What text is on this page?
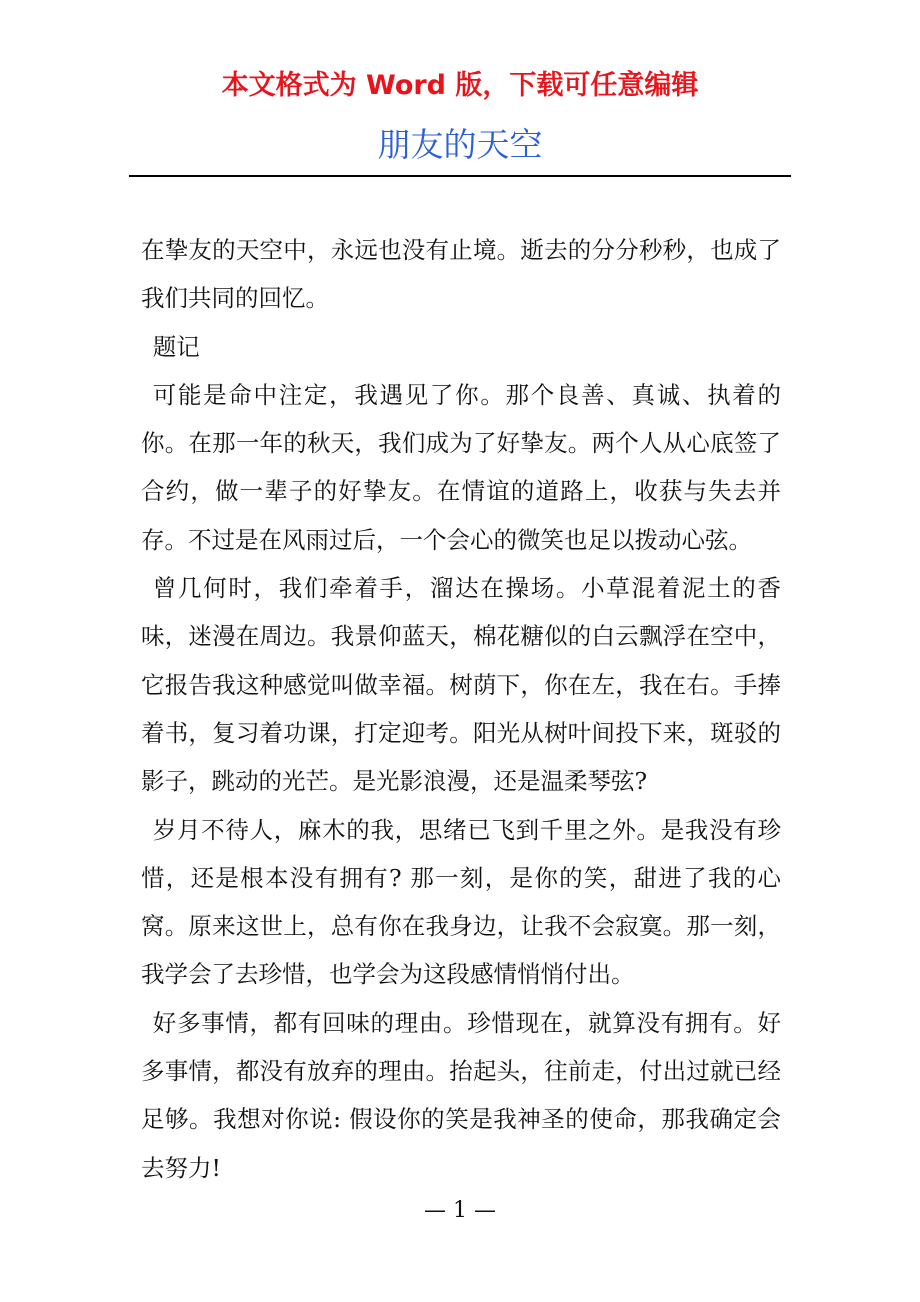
本文格式为 Word 版，下载可任意编辑
朋友的天空

在挚友的天空中，永远也没有止境。逝去的分分秒秒，也成了我们共同的回忆。

题记

可能是命中注定，我遇见了你。那个良善、真诚、执着的你。在那一年的秋天，我们成为了好挚友。两个人从心底签了合约，做一辈子的好挚友。在情谊的道路上，收获与失去并存。不过是在风雨过后，一个会心的微笑也足以拨动心弦。

曾几何时，我们牵着手，溜达在操场。小草混着泥土的香味，迷漫在周边。我景仰蓝天，棉花糖似的白云飘浮在空中，它报告我这种感觉叫做幸福。树荫下，你在左，我在右。手捧着书，复习着功课，打定迎考。阳光从树叶间投下来，斑驳的影子，跳动的光芒。是光影浪漫，还是温柔琴弦?

岁月不待人，麻木的我，思绪已飞到千里之外。是我没有珍惜，还是根本没有拥有? 那一刻，是你的笑，甜进了我的心窝。原来这世上，总有你在我身边，让我不会寂寞。那一刻，我学会了去珍惜，也学会为这段感情悄悄付出。

好多事情，都有回味的理由。珍惜现在，就算没有拥有。好多事情，都没有放弃的理由。抬起头，往前走，付出过就已经足够。我想对你说: 假设你的笑是我神圣的使命，那我确定会去努力!

— 1 —
